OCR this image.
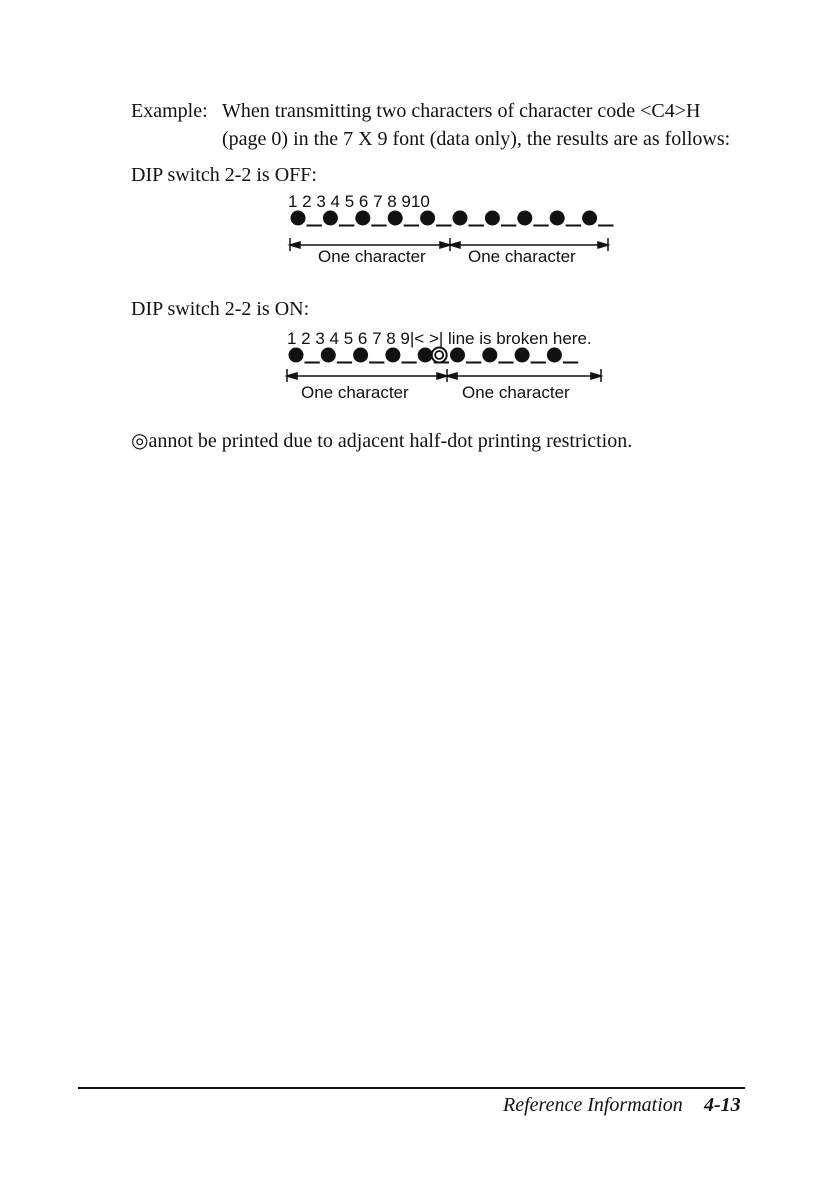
Example: When transmitting two characters of character code <C4>H
(page 0) in the 7 X 9 font (data only), the results are as follows:
DIP switch 2-2 is OFF:
1 2 3 4 5 6 7 8 910
One character One character
DIP switch 2-2 is ON:
1 2 3 4 5 6 7 8 9|< >| line is broken here.
One character	One character
◎annot be printed due to adjacent half-dot printing restriction.
Reference Information 4-13
